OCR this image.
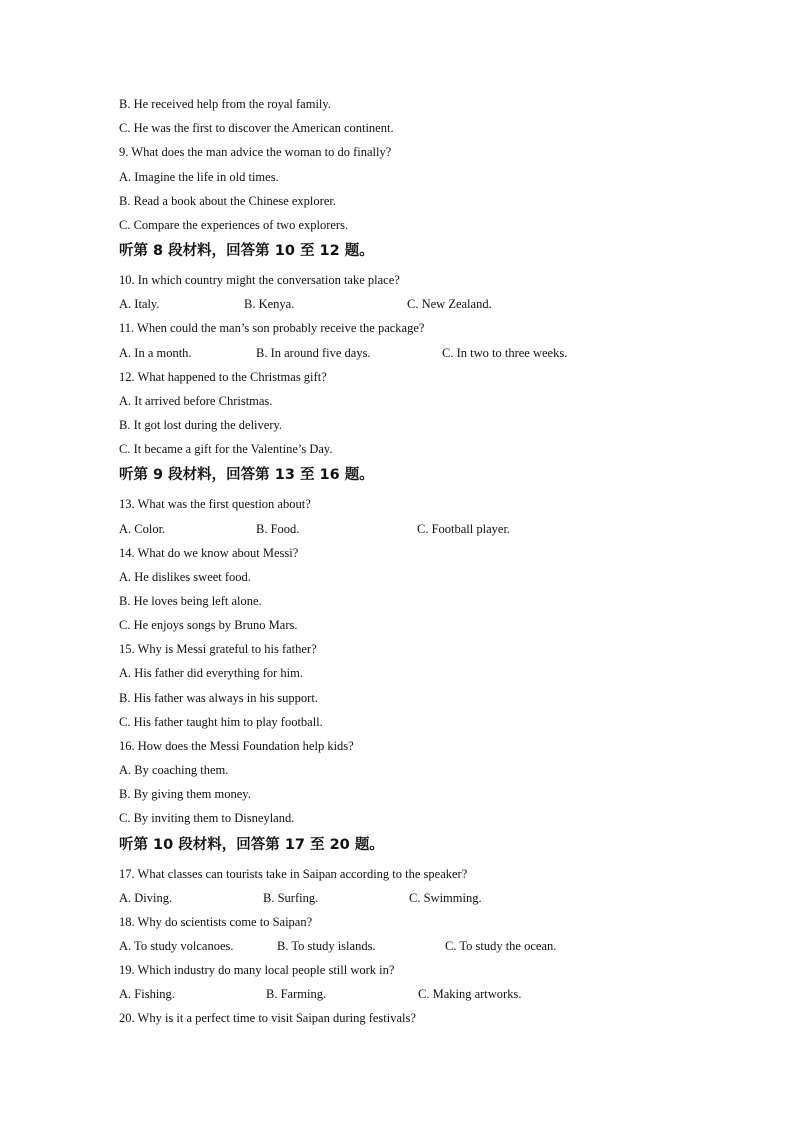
B. He received help from the royal family.
C. He was the first to discover the American continent.
9. What does the man advice the woman to do finally?
A. Imagine the life in old times.
B. Read a book about the Chinese explorer.
C. Compare the experiences of two explorers.
听第 8 段材料，回答第 10 至 12 题。
10. In which country might the conversation take place?
A. Italy.	B. Kenya.	C. New Zealand.
11. When could the man’s son probably receive the package?
A. In a month.	B. In around five days.	C. In two to three weeks.
12. What happened to the Christmas gift?
A. It arrived before Christmas.
B. It got lost during the delivery.
C. It became a gift for the Valentine’s Day.
听第 9 段材料，回答第 13 至 16 题。
13. What was the first question about?
A. Color.	B. Food.	C. Football player.
14. What do we know about Messi?
A. He dislikes sweet food.
B. He loves being left alone.
C. He enjoys songs by Bruno Mars.
15. Why is Messi grateful to his father?
A. His father did everything for him.
B. His father was always in his support.
C. His father taught him to play football.
16. How does the Messi Foundation help kids?
A. By coaching them.
B. By giving them money.
C. By inviting them to Disneyland.
听第 10 段材料，回答第 17 至 20 题。
17. What classes can tourists take in Saipan according to the speaker?
A. Diving.	B. Surfing.	C. Swimming.
18. Why do scientists come to Saipan?
A. To study volcanoes.	B. To study islands.	C. To study the ocean.
19. Which industry do many local people still work in?
A. Fishing.	B. Farming.	C. Making artworks.
20. Why is it a perfect time to visit Saipan during festivals?
